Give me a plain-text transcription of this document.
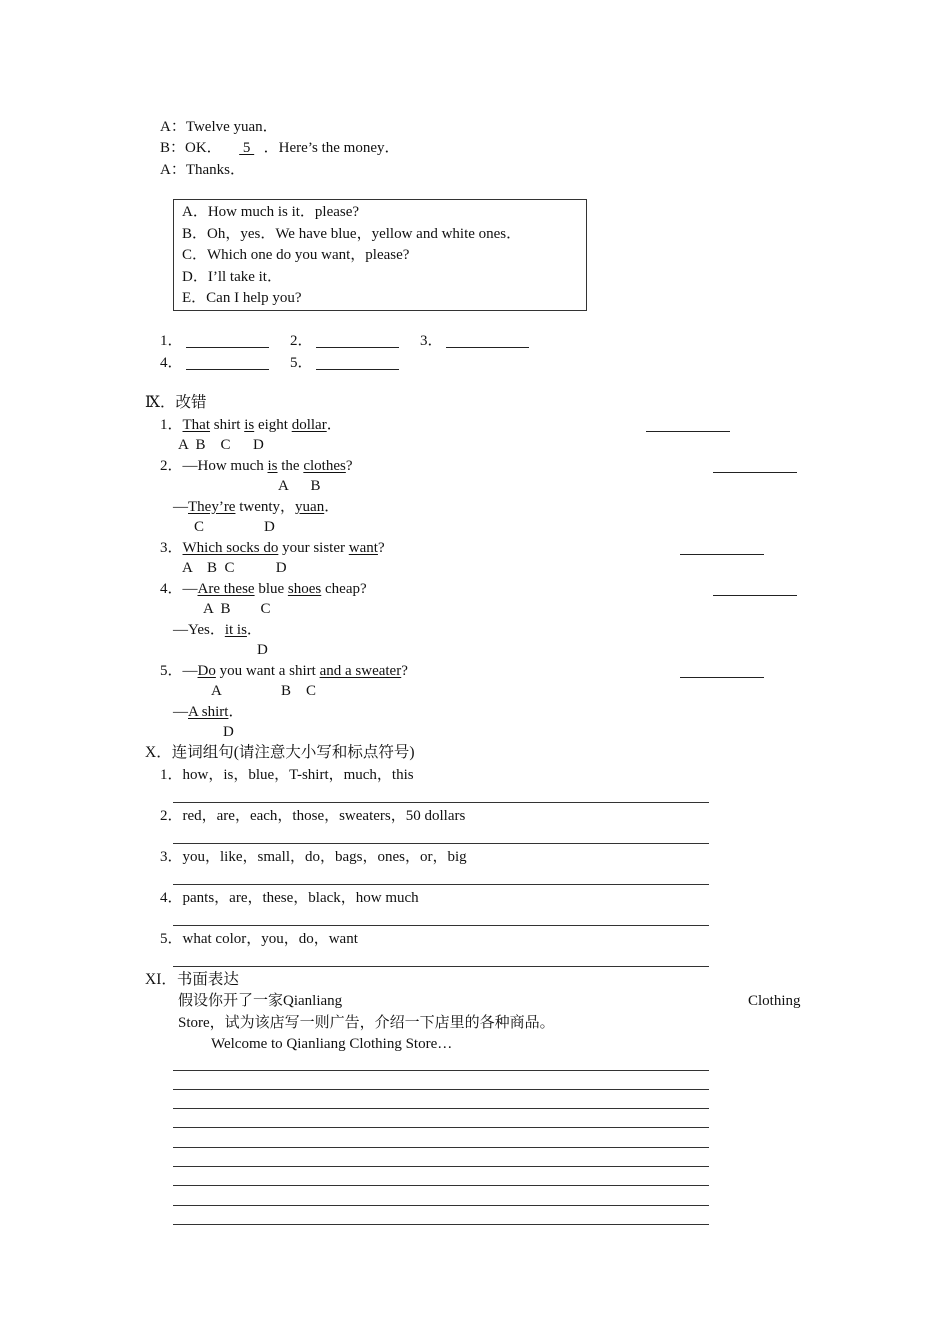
A：Twelve yuan．
B：OK． 5 ．Here’s the money．
A：Thanks．
A．How much is it．please?
B．Oh，yes．We have blue，yellow and white ones．
C．Which one do you want，please?
D．I’ll take it．
E．Can I help you?
1．	2．	3．
4．	5．
Ⅸ．改错
1．That shirt is eight dollar．
A  B    C      D
2．—How much is the clothes?
A      B
—They’re twenty，yuan．
C                D
3．Which socks do your sister want?
A    B  C           D
4．—Are these blue shoes cheap?
A  B        C
—Yes．it is．
D
5．—Do you want a shirt and a sweater?
A                B    C
—A shirt．
D
X．连词组句(请注意大小写和标点符号)
1．how，is，blue，T-shirt，much，this
2．red，are，each，those，sweaters，50 dollars
3．you，like，small，do，bags，ones，or，big
4．pants，are，these，black，how much
5．what color，you，do，want
XI．书面表达
假设你开了一家Qianliang	Clothing
Store，试为该店写一则广告，介绍一下店里的各种商品。
Welcome to Qianliang Clothing Store…
